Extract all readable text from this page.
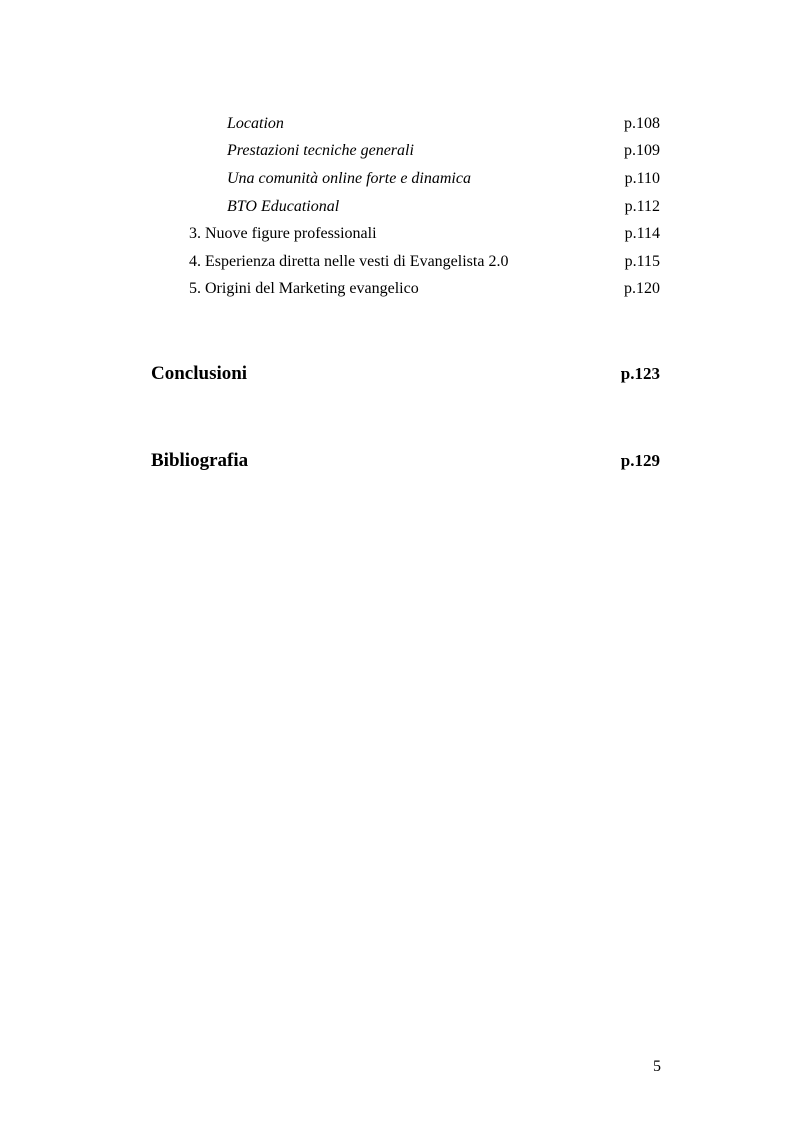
Location	p.108
Prestazioni tecniche generali	p.109
Una comunità online forte e dinamica	p.110
BTO Educational	p.112
3. Nuove figure professionali	p.114
4. Esperienza diretta nelle vesti di Evangelista 2.0	p.115
5. Origini del Marketing evangelico	p.120
Conclusioni	p.123
Bibliografia	p.129
5
